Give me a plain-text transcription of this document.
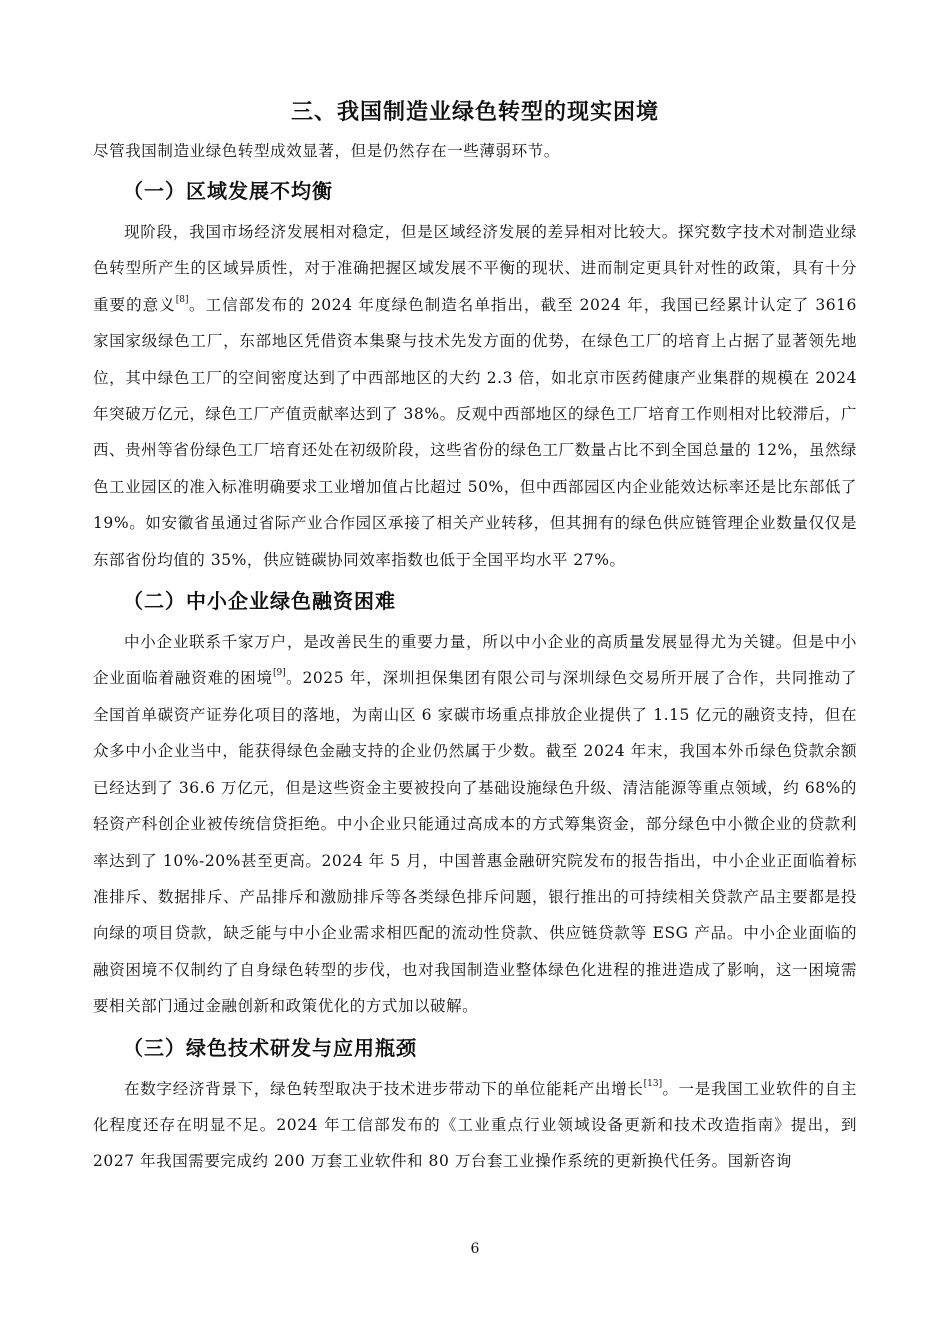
三、我国制造业绿色转型的现实困境

尽管我国制造业绿色转型成效显著，但是仍然存在一些薄弱环节。

（一）区域发展不均衡

现阶段，我国市场经济发展相对稳定，但是区域经济发展的差异相对比较大。探究数字技术对制造业绿色转型所产生的区域异质性，对于准确把握区域发展不平衡的现状、进而制定更具针对性的政策，具有十分重要的意义[8]。工信部发布的 2024 年度绿色制造名单指出，截至 2024 年，我国已经累计认定了 3616 家国家级绿色工厂，东部地区凭借资本集聚与技术先发方面的优势，在绿色工厂的培育上占据了显著领先地位，其中绿色工厂的空间密度达到了中西部地区的大约 2.3 倍，如北京市医药健康产业集群的规模在 2024 年突破万亿元，绿色工厂产值贡献率达到了 38%。反观中西部地区的绿色工厂培育工作则相对比较滞后，广西、贵州等省份绿色工厂培育还处在初级阶段，这些省份的绿色工厂数量占比不到全国总量的 12%，虽然绿色工业园区的准入标准明确要求工业增加值占比超过 50%，但中西部园区内企业能效达标率还是比东部低了 19%。如安徽省虽通过省际产业合作园区承接了相关产业转移，但其拥有的绿色供应链管理企业数量仅仅是东部省份均值的 35%，供应链碳协同效率指数也低于全国平均水平 27%。

（二）中小企业绿色融资困难

中小企业联系千家万户，是改善民生的重要力量，所以中小企业的高质量发展显得尤为关键。但是中小企业面临着融资难的困境[9]。2025 年，深圳担保集团有限公司与深圳绿色交易所开展了合作，共同推动了全国首单碳资产证券化项目的落地，为南山区 6 家碳市场重点排放企业提供了 1.15 亿元的融资支持，但在众多中小企业当中，能获得绿色金融支持的企业仍然属于少数。截至 2024 年末，我国本外币绿色贷款余额已经达到了 36.6 万亿元，但是这些资金主要被投向了基础设施绿色升级、清洁能源等重点领域，约 68%的轻资产科创企业被传统信贷拒绝。中小企业只能通过高成本的方式筹集资金，部分绿色中小微企业的贷款利率达到了 10%-20%甚至更高。2024 年 5 月，中国普惠金融研究院发布的报告指出，中小企业正面临着标准排斥、数据排斥、产品排斥和激励排斥等各类绿色排斥问题，银行推出的可持续相关贷款产品主要都是投向绿的项目贷款，缺乏能与中小企业需求相匹配的流动性贷款、供应链贷款等 ESG 产品。中小企业面临的融资困境不仅制约了自身绿色转型的步伐，也对我国制造业整体绿色化进程的推进造成了影响，这一困境需要相关部门通过金融创新和政策优化的方式加以破解。

（三）绿色技术研发与应用瓶颈

在数字经济背景下，绿色转型取决于技术进步带动下的单位能耗产出增长[13]。一是我国工业软件的自主化程度还存在明显不足。2024 年工信部发布的《工业重点行业领域设备更新和技术改造指南》提出，到 2027 年我国需要完成约 200 万套工业软件和 80 万台套工业操作系统的更新换代任务。国新咨询

6
